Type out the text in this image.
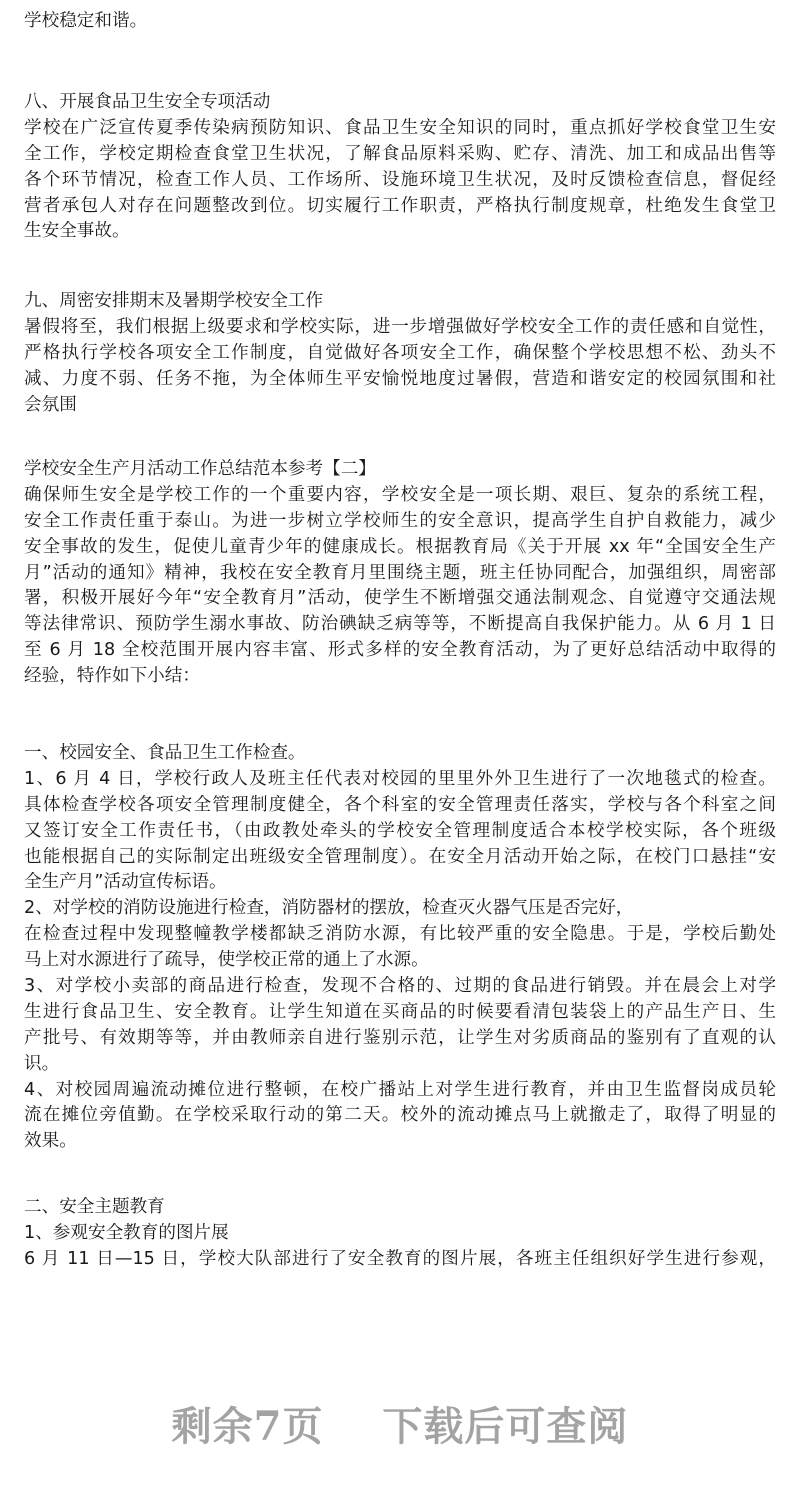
学校稳定和谐。
八、开展食品卫生安全专项活动
学校在广泛宣传夏季传染病预防知识、食品卫生安全知识的同时，重点抓好学校食堂卫生安
全工作，学校定期检查食堂卫生状况，了解食品原料采购、贮存、清洗、加工和成品出售等
各个环节情况，检查工作人员、工作场所、设施环境卫生状况，及时反馈检查信息，督促经
营者承包人对存在问题整改到位。切实履行工作职责，严格执行制度规章，杜绝发生食堂卫
生安全事故。
九、周密安排期末及暑期学校安全工作
暑假将至，我们根据上级要求和学校实际，进一步增强做好学校安全工作的责任感和自觉性，
严格执行学校各项安全工作制度，自觉做好各项安全工作，确保整个学校思想不松、劲头不
减、力度不弱、任务不拖，为全体师生平安愉悦地度过暑假，营造和谐安定的校园氛围和社
会氛围
学校安全生产月活动工作总结范本参考【二】
确保师生安全是学校工作的一个重要内容，学校安全是一项长期、艰巨、复杂的系统工程，
安全工作责任重于泰山。为进一步树立学校师生的安全意识，提高学生自护自救能力，减少
安全事故的发生，促使儿童青少年的健康成长。根据教育局《关于开展 xx 年“全国安全生产
月”活动的通知》精神，我校在安全教育月里围绕主题，班主任协同配合，加强组织，周密部
署，积极开展好今年“安全教育月”活动，使学生不断增强交通法制观念、自觉遵守交通法规
等法律常识、预防学生溺水事故、防治碘缺乏病等等，不断提高自我保护能力。从 6 月 1 日
至 6 月 18 全校范围开展内容丰富、形式多样的安全教育活动，为了更好总结活动中取得的
经验，特作如下小结：
一、校园安全、食品卫生工作检查。
1、6 月 4 日，学校行政人及班主任代表对校园的里里外外卫生进行了一次地毯式的检查。
具体检查学校各项安全管理制度健全，各个科室的安全管理责任落实，学校与各个科室之间
又签订安全工作责任书，（由政教处牵头的学校安全管理制度适合本校学校实际，各个班级
也能根据自己的实际制定出班级安全管理制度）。在安全月活动开始之际，在校门口悬挂“安
全生产月”活动宣传标语。
2、对学校的消防设施进行检查，消防器材的摆放，检查灭火器气压是否完好，
在检查过程中发现整幢教学楼都缺乏消防水源，有比较严重的安全隐患。于是，学校后勤处
马上对水源进行了疏导，使学校正常的通上了水源。
3、对学校小卖部的商品进行检查，发现不合格的、过期的食品进行销毁。并在晨会上对学
生进行食品卫生、安全教育。让学生知道在买商品的时候要看清包装袋上的产品生产日、生
产批号、有效期等等，并由教师亲自进行鉴别示范，让学生对劣质商品的鉴别有了直观的认
识。
4、对校园周遍流动摊位进行整顿，在校广播站上对学生进行教育，并由卫生监督岗成员轮
流在摊位旁值勤。在学校采取行动的第二天。校外的流动摊点马上就撤走了，取得了明显的
效果。
二、安全主题教育
1、参观安全教育的图片展
6 月 11 日—15 日，学校大队部进行了安全教育的图片展，各班主任组织好学生进行参观，
剩余7页 下载后可查阅
